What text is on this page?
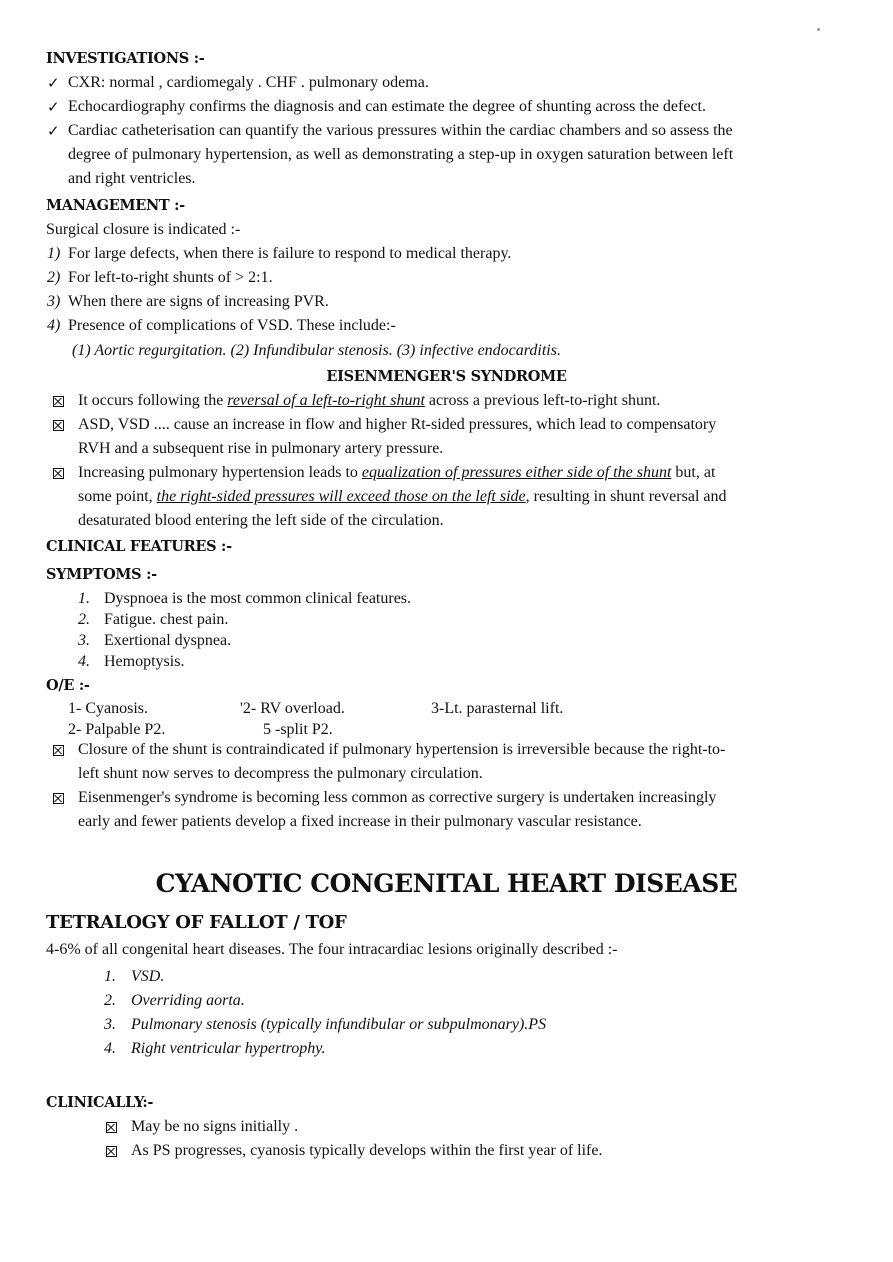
INVESTIGATIONS :-
✓ CXR: normal , cardiomegaly . CHF . pulmonary odema.
✓ Echocardiography confirms the diagnosis and can estimate the degree of shunting across the defect.
✓ Cardiac catheterisation can quantify the various pressures within the cardiac chambers and so assess the
degree of pulmonary hypertension, as well as demonstrating a step-up in oxygen saturation between left
and right ventricles.
MANAGEMENT :-
Surgical closure is indicated :-
1) For large defects, when there is failure to respond to medical therapy.
2) For left-to-right shunts of > 2:1.
3) When there are signs of increasing PVR.
4) Presence of complications of VSD. These include:-
(1) Aortic regurgitation. (2) Infundibular stenosis. (3) infective endocarditis.
EISENMENGER'S SYNDROME
It occurs following the reversal of a left-to-right shunt across a previous left-to-right shunt.
ASD, VSD .... cause an increase in flow and higher Rt-sided pressures, which lead to compensatory
RVH and a subsequent rise in pulmonary artery pressure.
Increasing pulmonary hypertension leads to equalization of pressures either side of the shunt but, at
some point, the right-sided pressures will exceed those on the left side, resulting in shunt reversal and
desaturated blood entering the left side of the circulation.
CLINICAL FEATURES :-
SYMPTOMS :-
1. Dyspnoea is the most common clinical features.
2. Fatigue. chest pain.
3. Exertional dyspnea.
4. Hemoptysis.
O/E :-
1- Cyanosis.	'2- RV overload.	3-Lt. parasternal lift.
2- Palpable P2.	5 -split P2.
Closure of the shunt is contraindicated if pulmonary hypertension is irreversible because the right-to-
left shunt now serves to decompress the pulmonary circulation.
Eisenmenger's syndrome is becoming less common as corrective surgery is undertaken increasingly
early and fewer patients develop a fixed increase in their pulmonary vascular resistance.
CYANOTIC CONGENITAL HEART DISEASE
TETRALOGY OF FALLOT / TOF
4-6% of all congenital heart diseases. The four intracardiac lesions originally described :-
1. VSD.
2. Overriding aorta.
3. Pulmonary stenosis (typically infundibular or subpulmonary).PS
4. Right ventricular hypertrophy.
CLINICALLY:-
May be no signs initially .
As PS progresses, cyanosis typically develops within the first year of life.
